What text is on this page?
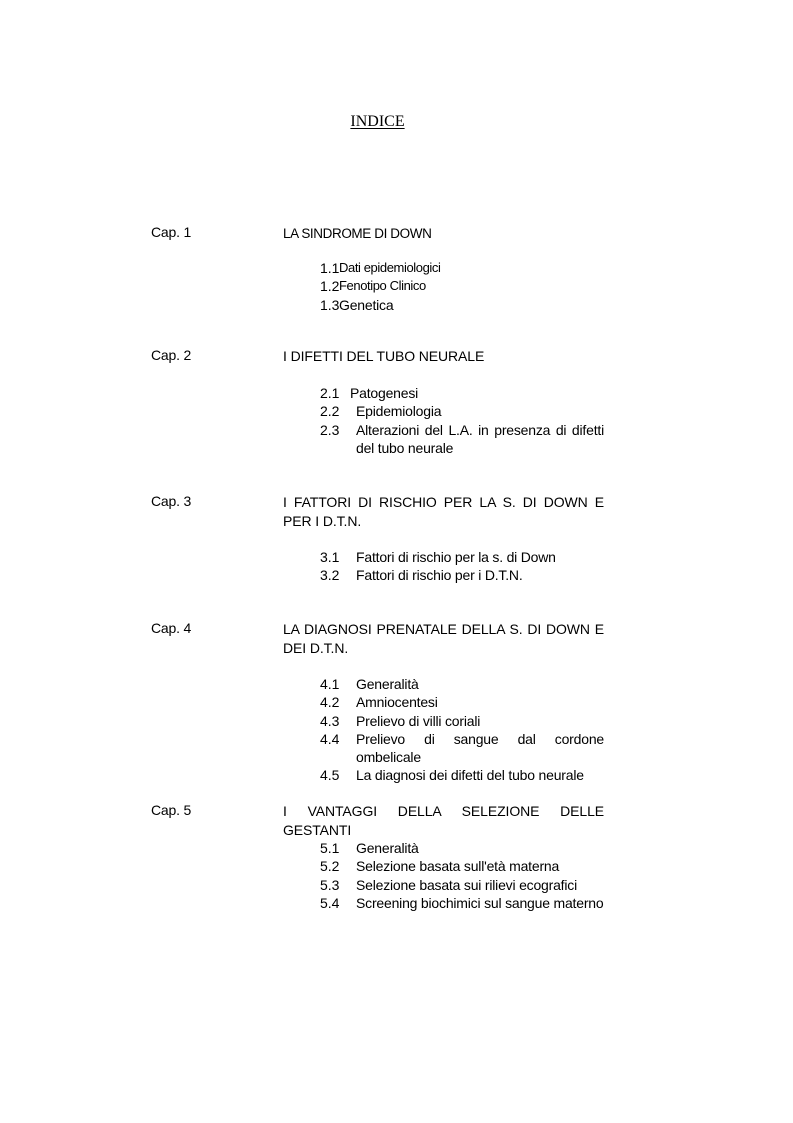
INDICE
Cap. 1	LA SINDROME DI DOWN
1.1 Dati epidemiologici
1.2 Fenotipo Clinico
1.3 Genetica
Cap. 2	I DIFETTI DEL TUBO NEURALE
2.1 Patogenesi
2.2 Epidemiologia
2.3 Alterazioni del L.A. in presenza di difetti del tubo neurale
Cap. 3	I FATTORI DI RISCHIO PER LA S. DI DOWN E PER I D.T.N.
3.1 Fattori di rischio per la s. di Down
3.2 Fattori di rischio per i D.T.N.
Cap. 4	LA DIAGNOSI PRENATALE DELLA S. DI DOWN E DEI D.T.N.
4.1 Generalità
4.2 Amniocentesi
4.3 Prelievo di villi coriali
4.4 Prelievo di sangue dal cordone ombelicale
4.5 La diagnosi dei difetti del tubo neurale
Cap. 5	I VANTAGGI DELLA SELEZIONE DELLE GESTANTI
5.1 Generalità
5.2 Selezione basata sull'età materna
5.3 Selezione basata sui rilievi ecografici
5.4 Screening biochimici sul sangue materno
